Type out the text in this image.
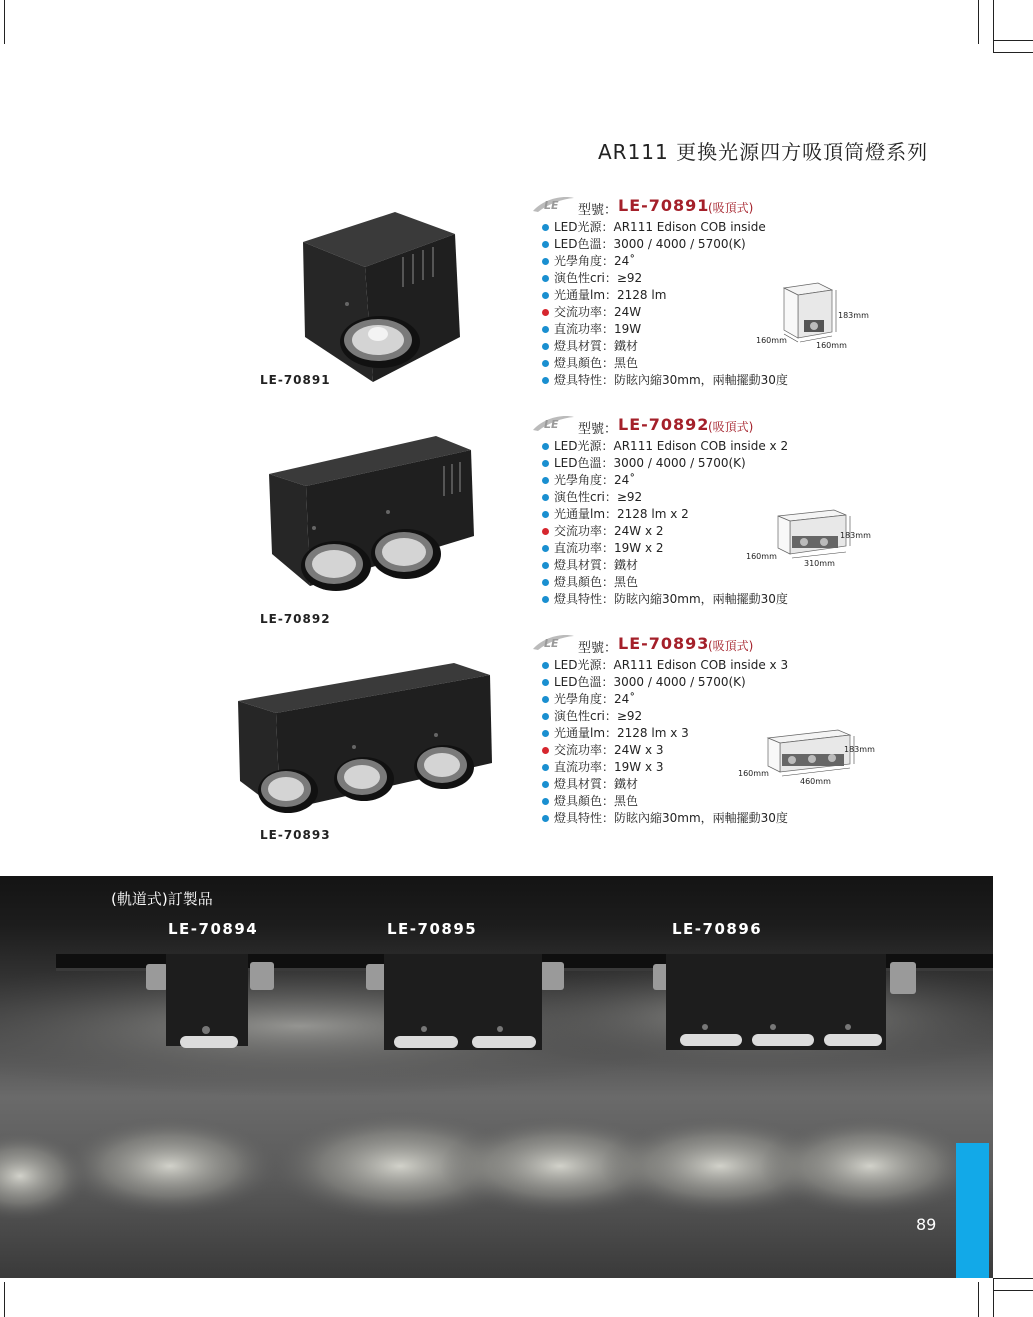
AR111 更換光源四方吸頂筒燈系列
LE-70891
LE 型號： LE-70891
(吸頂式)
LED光源：AR111 Edison COB inside
LED色溫：3000 / 4000 / 5700(K)
光學角度：24˚
演色性cri：≥92
光通量lm：2128 lm
交流功率：24W
直流功率：19W
燈具材質：鐵材
燈具顏色：黑色
燈具特性：防眩內縮30mm，兩軸擺動30度
183mm
160mm
160mm
LE-70892
LE 型號： LE-70892
(吸頂式)
LED光源：AR111 Edison COB inside x 2
LED色溫：3000 / 4000 / 5700(K)
光學角度：24˚
演色性cri：≥92
光通量lm：2128 lm x 2
交流功率：24W x 2
直流功率：19W x 2
燈具材質：鐵材
燈具顏色：黑色
燈具特性：防眩內縮30mm，兩軸擺動30度
183mm
160mm
310mm
LE-70893
LE 型號： LE-70893
(吸頂式)
LED光源：AR111 Edison COB inside x 3
LED色溫：3000 / 4000 / 5700(K)
光學角度：24˚
演色性cri：≥92
光通量lm：2128 lm x 3
交流功率：24W x 3
直流功率：19W x 3
燈具材質：鐵材
燈具顏色：黑色
燈具特性：防眩內縮30mm，兩軸擺動30度
183mm
160mm
460mm
(軌道式)訂製品
LE-70894	LE-70895	LE-70896
89
